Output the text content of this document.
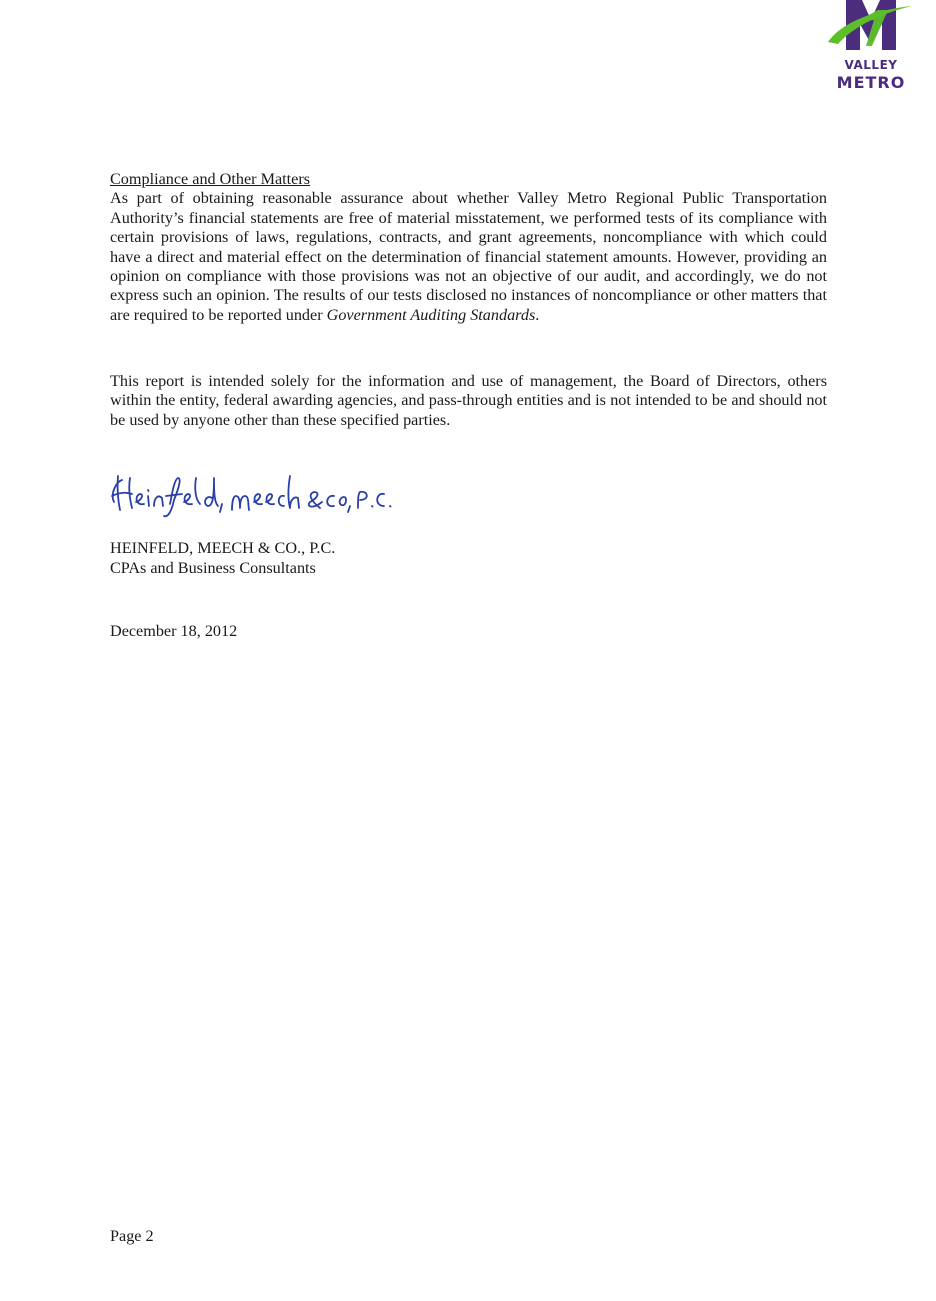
VALLEY
METRO
Compliance and Other Matters

As part of obtaining reasonable assurance about whether Valley Metro Regional Public Transportation Authority’s financial statements are free of material misstatement, we performed tests of its compliance with certain provisions of laws, regulations, contracts, and grant agreements, noncompliance with which could have a direct and material effect on the determination of financial statement amounts. However, providing an opinion on compliance with those provisions was not an objective of our audit, and accordingly, we do not express such an opinion. The results of our tests disclosed no instances of noncompliance or other matters that are required to be reported under Government Auditing Standards.

This report is intended solely for the information and use of management, the Board of Directors, others within the entity, federal awarding agencies, and pass-through entities and is not intended to be and should not be used by anyone other than these specified parties.

HEINFELD, MEECH & CO., P.C.
CPAs and Business Consultants
December 18, 2012
Page 2
